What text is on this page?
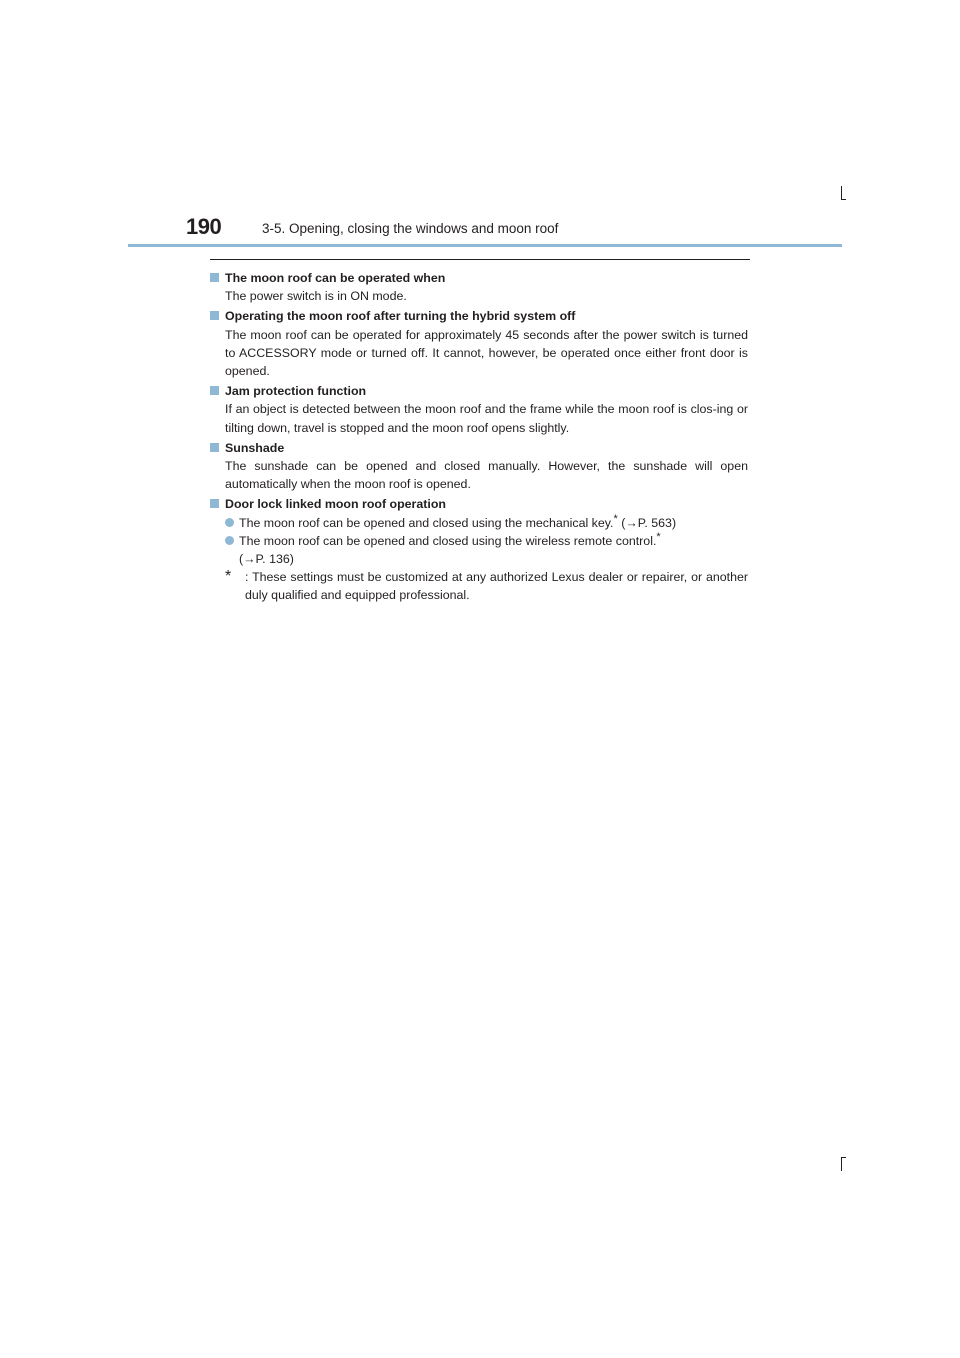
190	3-5. Opening, closing the windows and moon roof
The moon roof can be operated when
The power switch is in ON mode.
Operating the moon roof after turning the hybrid system off
The moon roof can be operated for approximately 45 seconds after the power switch is turned to ACCESSORY mode or turned off. It cannot, however, be operated once either front door is opened.
Jam protection function
If an object is detected between the moon roof and the frame while the moon roof is clos-ing or tilting down, travel is stopped and the moon roof opens slightly.
Sunshade
The sunshade can be opened and closed manually. However, the sunshade will open automatically when the moon roof is opened.
Door lock linked moon roof operation
The moon roof can be opened and closed using the mechanical key.* (→P. 563)
The moon roof can be opened and closed using the wireless remote control.*
(→P. 136)
*	: These settings must be customized at any authorized Lexus dealer or repairer, or another duly qualified and equipped professional.
